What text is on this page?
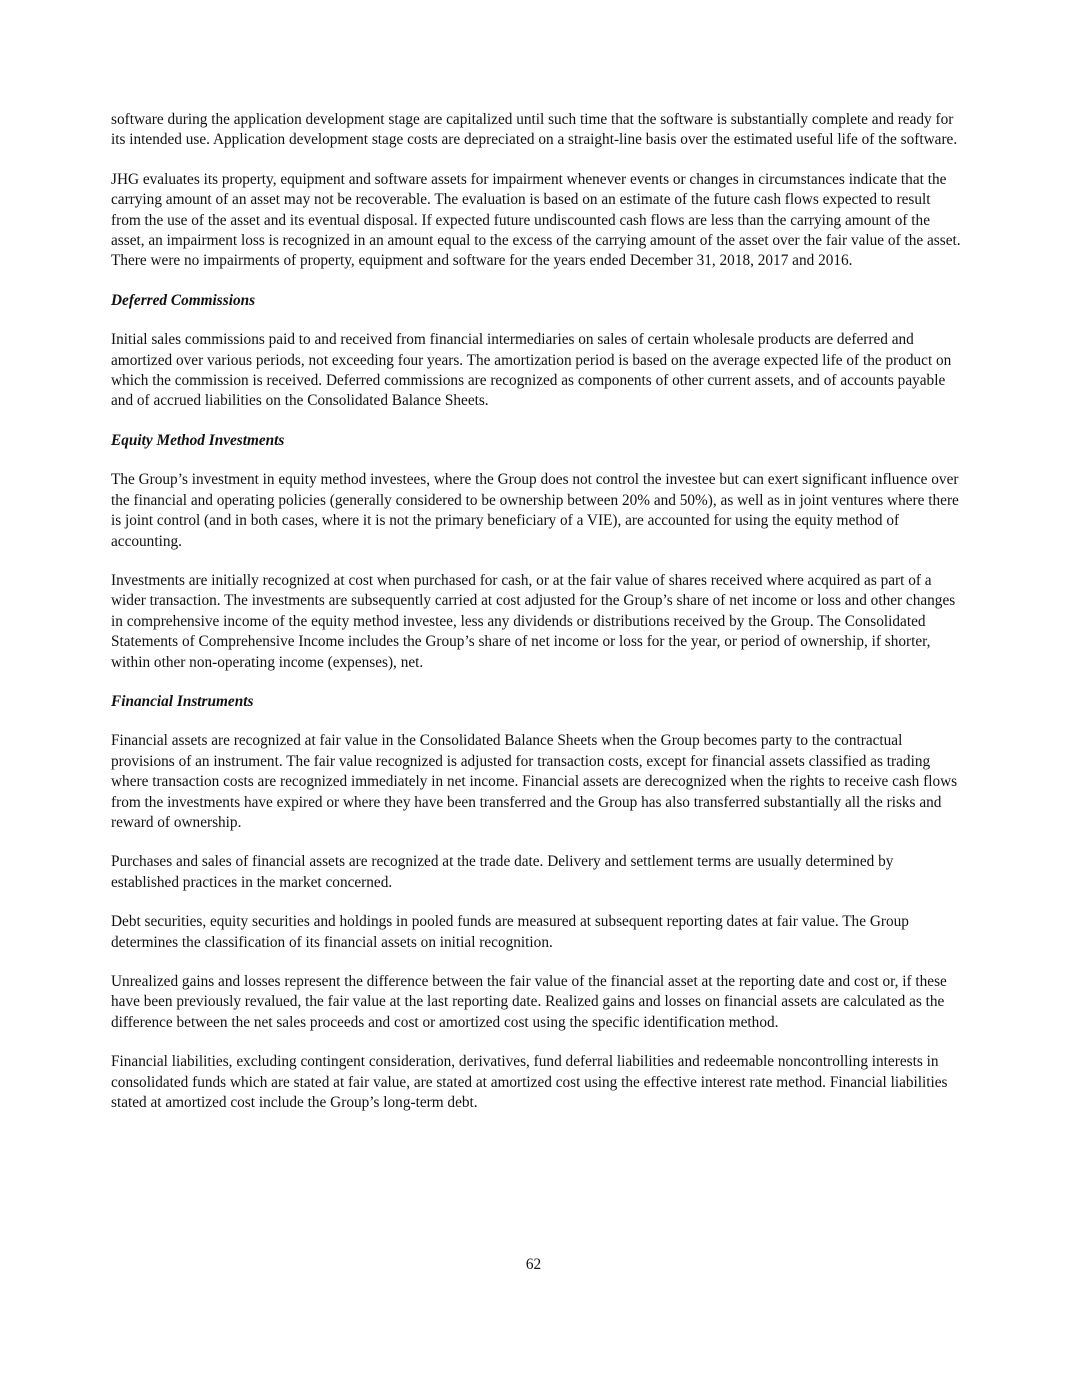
software during the application development stage are capitalized until such time that the software is substantially complete and ready for its intended use. Application development stage costs are depreciated on a straight-line basis over the estimated useful life of the software.

JHG evaluates its property, equipment and software assets for impairment whenever events or changes in circumstances indicate that the carrying amount of an asset may not be recoverable. The evaluation is based on an estimate of the future cash flows expected to result from the use of the asset and its eventual disposal. If expected future undiscounted cash flows are less than the carrying amount of the asset, an impairment loss is recognized in an amount equal to the excess of the carrying amount of the asset over the fair value of the asset. There were no impairments of property, equipment and software for the years ended December 31, 2018, 2017 and 2016.

Deferred Commissions

Initial sales commissions paid to and received from financial intermediaries on sales of certain wholesale products are deferred and amortized over various periods, not exceeding four years. The amortization period is based on the average expected life of the product on which the commission is received. Deferred commissions are recognized as components of other current assets, and of accounts payable and of accrued liabilities on the Consolidated Balance Sheets.

Equity Method Investments

The Group’s investment in equity method investees, where the Group does not control the investee but can exert significant influence over the financial and operating policies (generally considered to be ownership between 20% and 50%), as well as in joint ventures where there is joint control (and in both cases, where it is not the primary beneficiary of a VIE), are accounted for using the equity method of accounting.

Investments are initially recognized at cost when purchased for cash, or at the fair value of shares received where acquired as part of a wider transaction. The investments are subsequently carried at cost adjusted for the Group’s share of net income or loss and other changes in comprehensive income of the equity method investee, less any dividends or distributions received by the Group. The Consolidated Statements of Comprehensive Income includes the Group’s share of net income or loss for the year, or period of ownership, if shorter, within other non-operating income (expenses), net.

Financial Instruments

Financial assets are recognized at fair value in the Consolidated Balance Sheets when the Group becomes party to the contractual provisions of an instrument. The fair value recognized is adjusted for transaction costs, except for financial assets classified as trading where transaction costs are recognized immediately in net income. Financial assets are derecognized when the rights to receive cash flows from the investments have expired or where they have been transferred and the Group has also transferred substantially all the risks and reward of ownership.

Purchases and sales of financial assets are recognized at the trade date. Delivery and settlement terms are usually determined by established practices in the market concerned.

Debt securities, equity securities and holdings in pooled funds are measured at subsequent reporting dates at fair value. The Group determines the classification of its financial assets on initial recognition.

Unrealized gains and losses represent the difference between the fair value of the financial asset at the reporting date and cost or, if these have been previously revalued, the fair value at the last reporting date. Realized gains and losses on financial assets are calculated as the difference between the net sales proceeds and cost or amortized cost using the specific identification method.

Financial liabilities, excluding contingent consideration, derivatives, fund deferral liabilities and redeemable noncontrolling interests in consolidated funds which are stated at fair value, are stated at amortized cost using the effective interest rate method. Financial liabilities stated at amortized cost include the Group’s long-term debt.

62
